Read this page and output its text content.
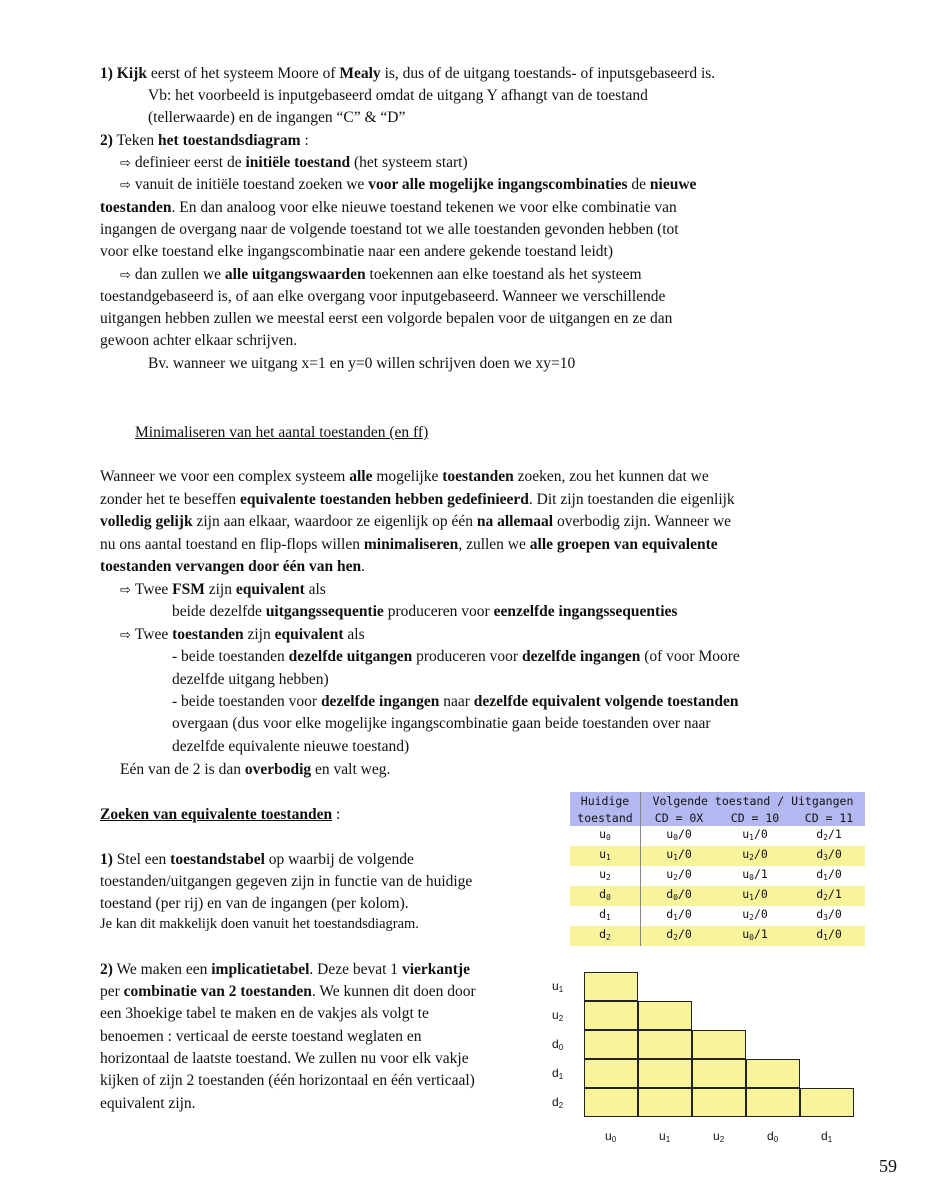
1) Kijk eerst of het systeem Moore of Mealy is, dus of de uitgang toestands- of inputsgebaseerd is.
Vb: het voorbeeld is inputgebaseerd omdat de uitgang Y afhangt van de toestand
(tellerwaarde) en de ingangen “C” & “D”
2) Teken het toestandsdiagram :
⇨ definieer eerst de initiële toestand (het systeem start)
⇨ vanuit de initiële toestand zoeken we voor alle mogelijke ingangscombinaties de nieuwe
toestanden. En dan analoog voor elke nieuwe toestand tekenen we voor elke combinatie van
ingangen de overgang naar de volgende toestand tot we alle toestanden gevonden hebben (tot
voor elke toestand elke ingangscombinatie naar een andere gekende toestand leidt)
⇨ dan zullen we alle uitgangswaarden toekennen aan elke toestand als het systeem
toestandgebaseerd is, of aan elke overgang voor inputgebaseerd. Wanneer we verschillende
uitgangen hebben zullen we meestal eerst een volgorde bepalen voor de uitgangen en ze dan
gewoon achter elkaar schrijven.
Bv. wanneer we uitgang x=1 en y=0 willen schrijven doen we xy=10
Minimaliseren van het aantal toestanden (en ff)
Wanneer we voor een complex systeem alle mogelijke toestanden zoeken, zou het kunnen dat we
zonder het te beseffen equivalente toestanden hebben gedefinieerd. Dit zijn toestanden die eigenlijk
volledig gelijk zijn aan elkaar, waardoor ze eigenlijk op één na allemaal overbodig zijn. Wanneer we
nu ons aantal toestand en flip-flops willen minimaliseren, zullen we alle groepen van equivalente
toestanden vervangen door één van hen.
⇨ Twee FSM zijn equivalent als
beide dezelfde uitgangssequentie produceren voor eenzelfde ingangssequenties
⇨ Twee toestanden zijn equivalent als
- beide toestanden dezelfde uitgangen produceren voor dezelfde ingangen (of voor Moore
dezelfde uitgang hebben)
- beide toestanden voor dezelfde ingangen naar dezelfde equivalent volgende toestanden
overgaan (dus voor elke mogelijke ingangscombinatie gaan beide toestanden over naar
dezelfde equivalente nieuwe toestand)
Eén van de 2 is dan overbodig en valt weg.
Zoeken van equivalente toestanden :
1) Stel een toestandstabel op waarbij de volgende
toestanden/uitgangen gegeven zijn in functie van de huidige
toestand (per rij) en van de ingangen (per kolom).
Je kan dit makkelijk doen vanuit het toestandsdiagram.
2) We maken een implicatietabel. Deze bevat 1 vierkantje
per combinatie van 2 toestanden. We kunnen dit doen door
een 3hoekige tabel te maken en de vakjes als volgt te
benoemen : verticaal de eerste toestand weglaten en
horizontaal de laatste toestand. We zullen nu voor elk vakje
kijken of zijn 2 toestanden (één horizontaal en één verticaal)
equivalent zijn.
Huidige	Volgende toestand / Uitgangen		
toestand	CD = 0X	CD = 10	CD = 11
$u_0$	$u_0/0$	$u_1/0$	$d_2/1$
$u_1$	$u_1/0$	$u_2/0$	$d_3/0$
$u_2$	$u_2/0$	$u_0/1$	$d_1/0$
$d_0$	$d_0/0$	$u_1/0$	$d_2/1$
$d_1$	$d_1/0$	$u_2/0$	$d_3/0$
$d_2$	$d_2/0$	$u_0/1$	$d_1/0$
$u_1$
$u_2$
$d_0$
$d_1$
$d_2$
$u_0$	$u_1$	$u_2$	$d_0$	$d_1$
59
